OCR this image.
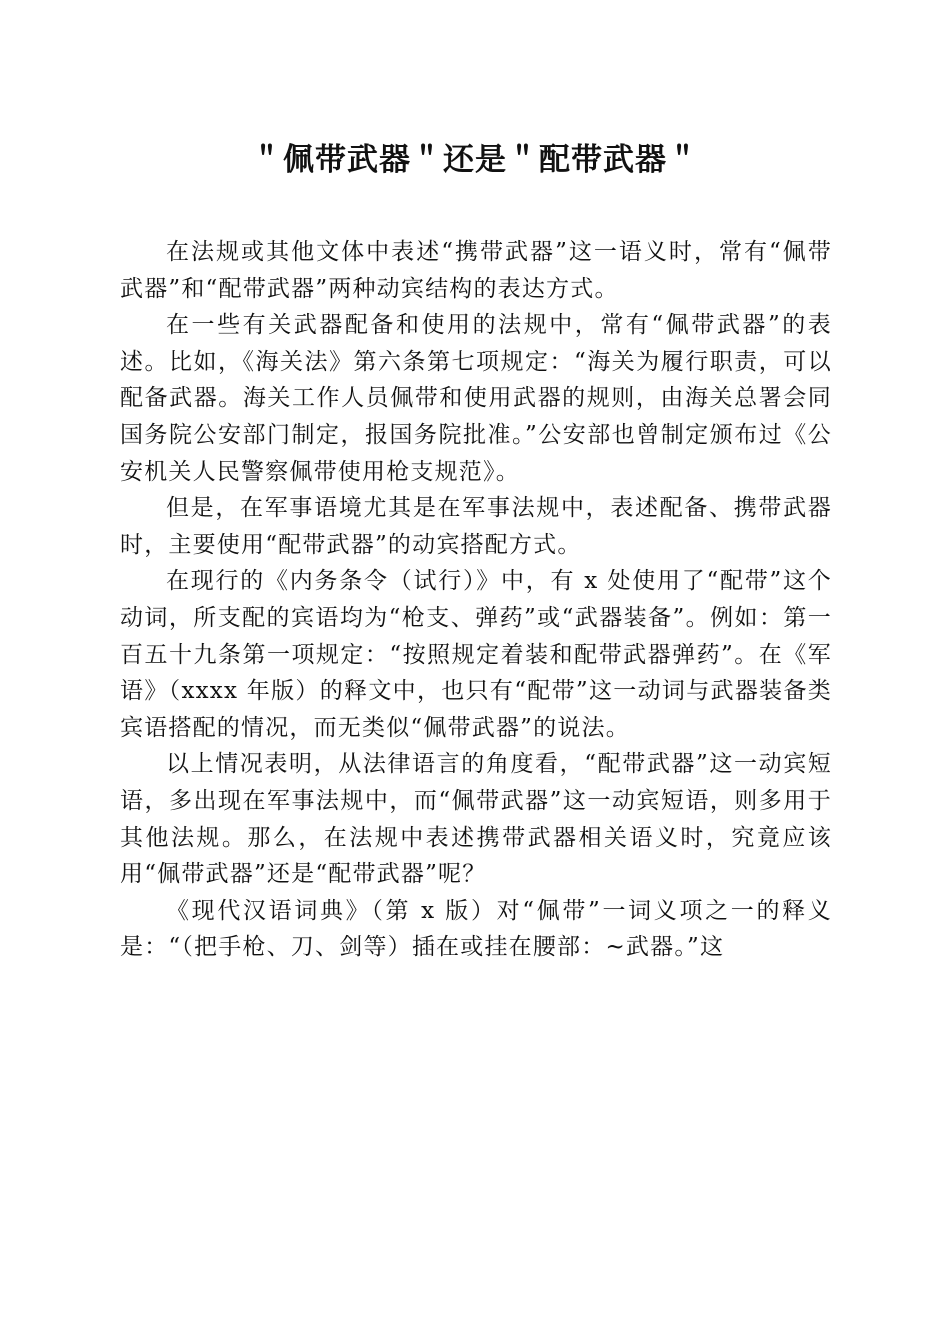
＂佩带武器＂还是＂配带武器＂

在法规或其他文体中表述“携带武器”这一语义时，常有“佩带武器”和“配带武器”两种动宾结构的表达方式。

在一些有关武器配备和使用的法规中，常有“佩带武器”的表述。比如，《海关法》第六条第七项规定：“海关为履行职责，可以配备武器。海关工作人员佩带和使用武器的规则，由海关总署会同国务院公安部门制定，报国务院批准。”公安部也曾制定颁布过《公安机关人民警察佩带使用枪支规范》。

但是，在军事语境尤其是在军事法规中，表述配备、携带武器时，主要使用“配带武器”的动宾搭配方式。

在现行的《内务条令（试行）》中，有 x 处使用了“配带”这个动词，所支配的宾语均为“枪支、弹药”或“武器装备”。例如：第一百五十九条第一项规定：“按照规定着装和配带武器弹药”。在《军语》（xxxx 年版）的释文中，也只有“配带”这一动词与武器装备类宾语搭配的情况，而无类似“佩带武器”的说法。

以上情况表明，从法律语言的角度看，“配带武器”这一动宾短语，多出现在军事法规中，而“佩带武器”这一动宾短语，则多用于其他法规。那么，在法规中表述携带武器相关语义时，究竟应该用“佩带武器”还是“配带武器”呢？

《现代汉语词典》（第 x 版）对“佩带”一词义项之一的释义是：“（把手枪、刀、剑等）插在或挂在腰部：~武器。”这
